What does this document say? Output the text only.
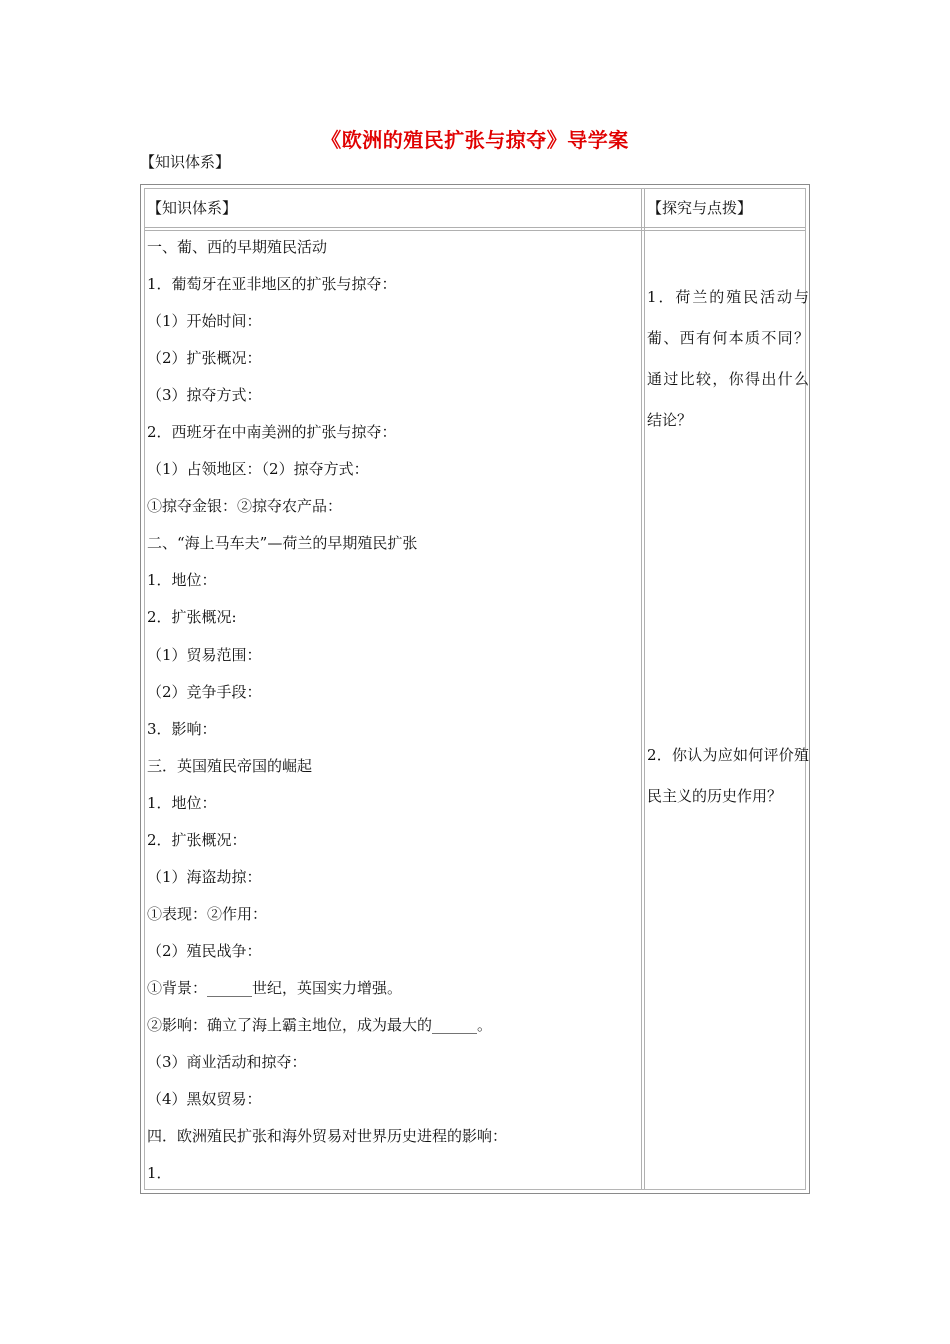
《欧洲的殖民扩张与掠夺》导学案
【知识体系】
【知识体系】	【探究与点拨】
一、葡、西的早期殖民活动
1．葡萄牙在亚非地区的扩张与掠夺：
（1）开始时间：
（2）扩张概况：
（3）掠夺方式：
2．西班牙在中南美洲的扩张与掠夺：
（1）占领地区：（2）掠夺方式：
①掠夺金银：②掠夺农产品：
二、“海上马车夫”—荷兰的早期殖民扩张
1．地位：
2．扩张概况:
（1）贸易范围：
（2）竞争手段：
3．影响：
三．英国殖民帝国的崛起
1．地位：
2．扩张概况：
（1）海盗劫掠：
①表现：②作用：
（2）殖民战争：
①背景：______世纪，英国实力增强。
②影响：确立了海上霸主地位，成为最大的______。
（3）商业活动和掠夺：
（4）黑奴贸易：
四．欧洲殖民扩张和海外贸易对世界历史进程的影响：
1．
1．荷兰的殖民活动与葡、西有何本质不同？通过比较，你得出什么结论？
2．你认为应如何评价殖民主义的历史作用？
